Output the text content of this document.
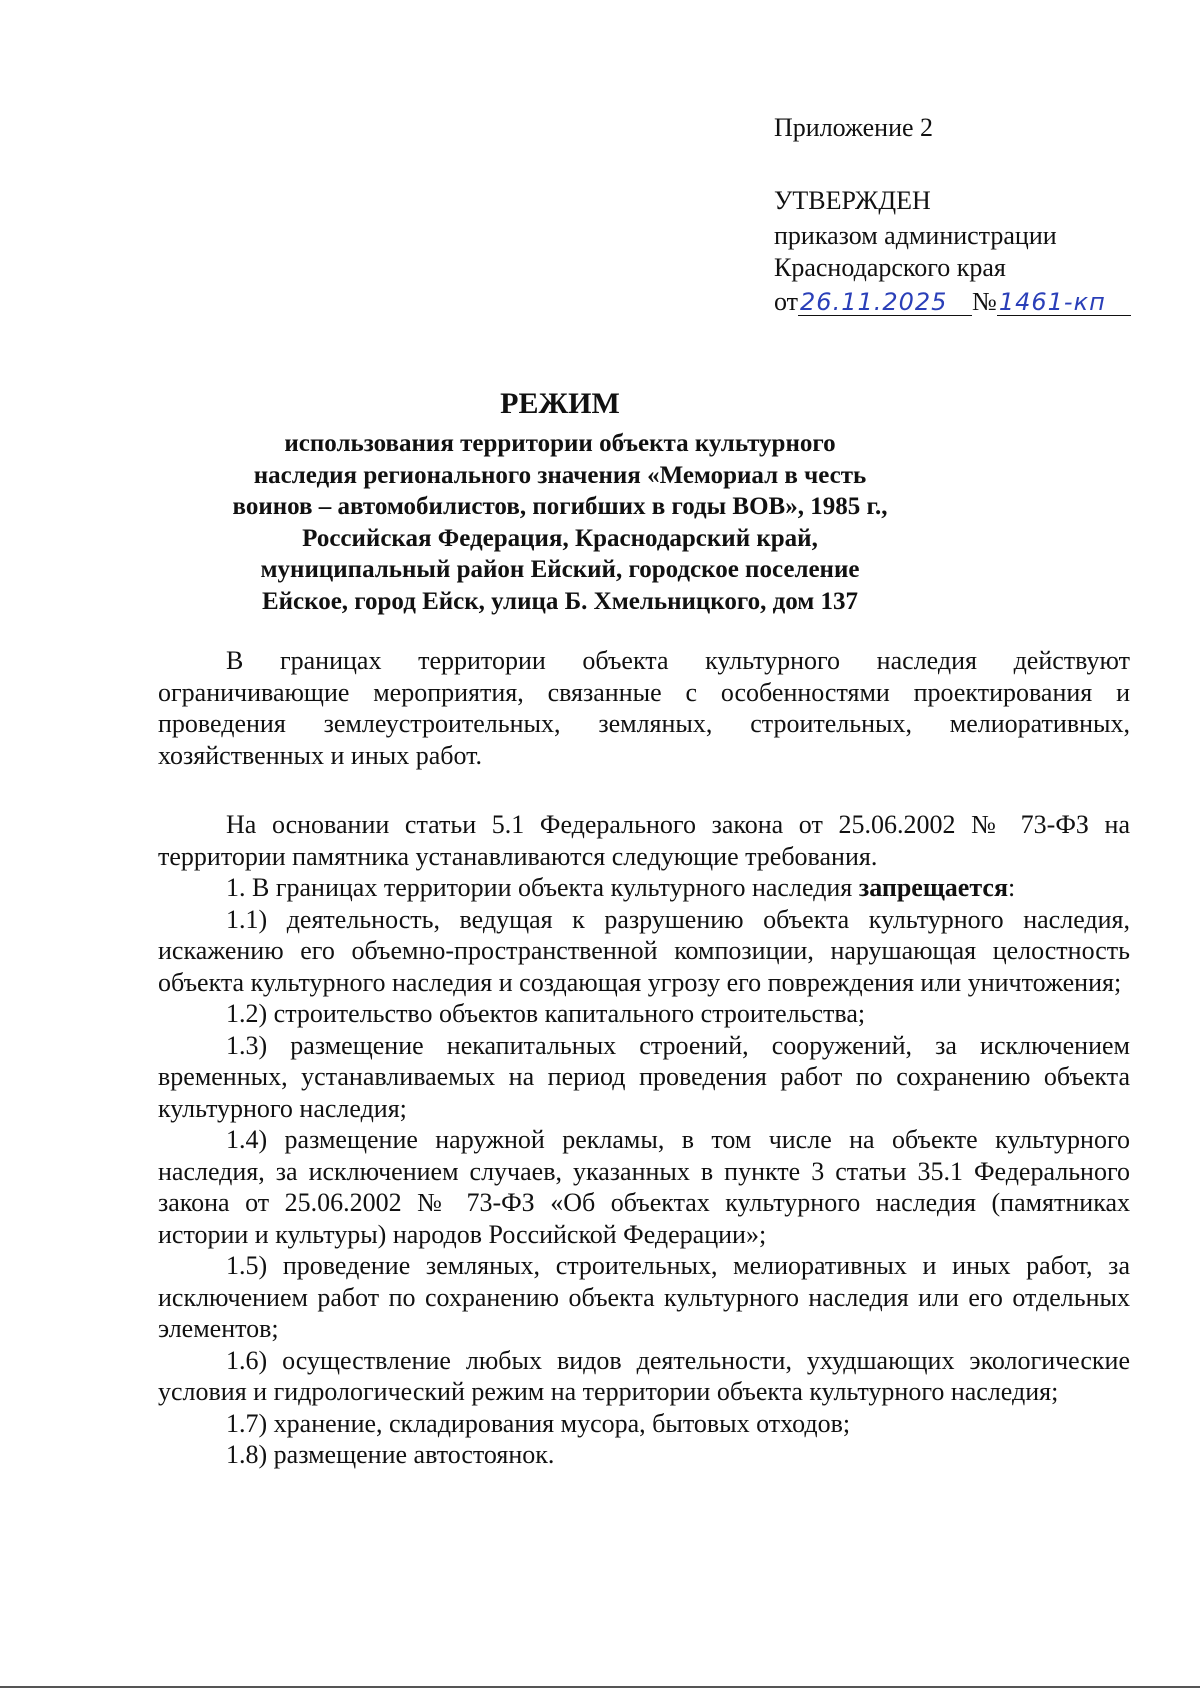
Приложение 2
УТВЕРЖДЕН
приказом администрации
Краснодарского края
от26.11.2025 №1461-кп
РЕЖИМ
использования территории объекта культурного
наследия регионального значения «Мемориал в честь
воинов – автомобилистов, погибших в годы ВОВ», 1985 г.,
Российская Федерация, Краснодарский край,
муниципальный район Ейский, городское поселение
Ейское, город Ейск, улица Б. Хмельницкого, дом 137

В границах территории объекта культурного наследия действуют ограничивающие мероприятия, связанные с особенностями проектирования и проведения землеустроительных, земляных, строительных, мелиоративных, хозяйственных и иных работ.

На основании статьи 5.1 Федерального закона от 25.06.2002 № 73-ФЗ на территории памятника устанавливаются следующие требования.

1. В границах территории объекта культурного наследия запрещается:

1.1) деятельность, ведущая к разрушению объекта культурного наследия, искажению его объемно-пространственной композиции, нарушающая целостность объекта культурного наследия и создающая угрозу его повреждения или уничтожения;

1.2) строительство объектов капитального строительства;

1.3) размещение некапитальных строений, сооружений, за исключением временных, устанавливаемых на период проведения работ по сохранению объекта культурного наследия;

1.4) размещение наружной рекламы, в том числе на объекте культурного наследия, за исключением случаев, указанных в пункте 3 статьи 35.1 Федерального закона от 25.06.2002 № 73-ФЗ «Об объектах культурного наследия (памятниках истории и культуры) народов Российской Федерации»;

1.5) проведение земляных, строительных, мелиоративных и иных работ, за исключением работ по сохранению объекта культурного наследия или его отдельных элементов;

1.6) осуществление любых видов деятельности, ухудшающих экологические условия и гидрологический режим на территории объекта культурного наследия;

1.7) хранение, складирования мусора, бытовых отходов;

1.8) размещение автостоянок.
